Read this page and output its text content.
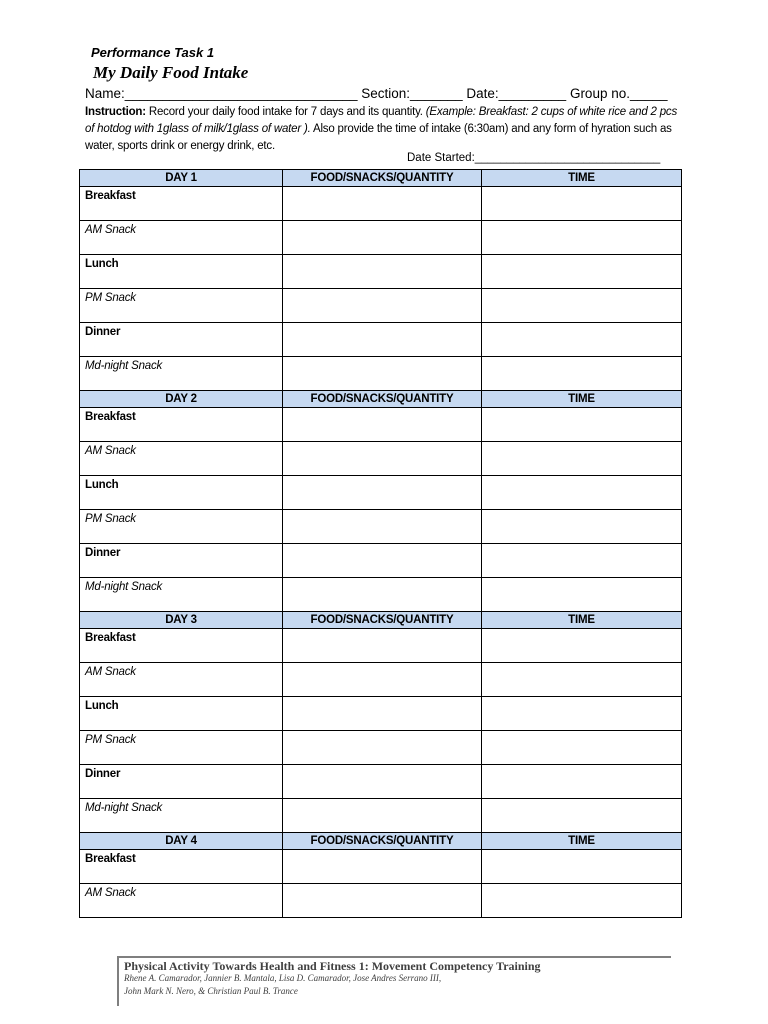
Performance Task 1
My Daily Food Intake
Name:_______________________________ Section:_______ Date:_________ Group no._____
Instruction: Record your daily food intake for 7 days and its quantity. (Example: Breakfast: 2 cups of white rice and 2 pcs of hotdog with 1glass of milk/1glass of water ). Also provide the time of intake (6:30am) and any form of hyration such as water, sports drink or energy drink, etc.
Date Started:_____________________________
DAY 1	FOOD/SNACKS/QUANTITY	TIME
Breakfast		
AM Snack		
Lunch		
PM Snack		
Dinner		
Md-night Snack		
DAY 2	FOOD/SNACKS/QUANTITY	TIME
Breakfast		
AM Snack		
Lunch		
PM Snack		
Dinner		
Md-night Snack		
DAY 3	FOOD/SNACKS/QUANTITY	TIME
Breakfast		
AM Snack		
Lunch		
PM Snack		
Dinner		
Md-night Snack		
DAY 4	FOOD/SNACKS/QUANTITY	TIME
Breakfast		
AM Snack		
Physical Activity Towards Health and Fitness 1: Movement Competency Training
Rhene A. Camarador, Jannier B. Mantala, Lisa D. Camarador, Jose Andres Serrano III,
John Mark N. Nero, & Christian Paul B. Trance
